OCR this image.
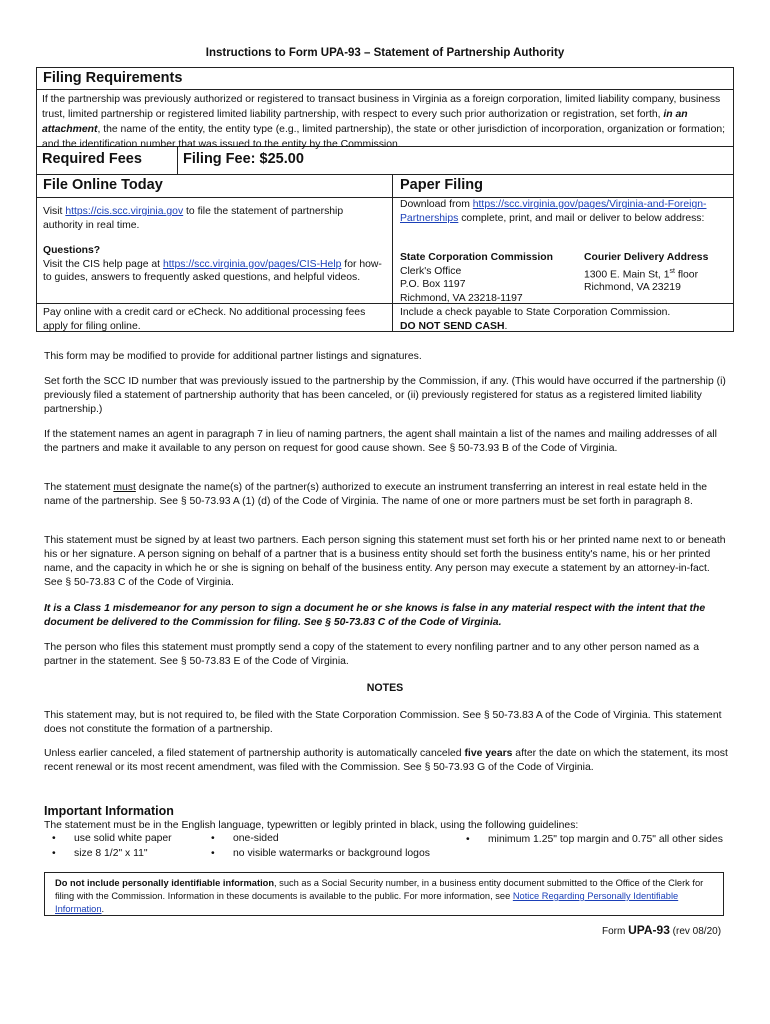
Instructions to Form UPA-93 – Statement of Partnership Authority
Filing Requirements
If the partnership was previously authorized or registered to transact business in Virginia as a foreign corporation, limited liability company, business trust, limited partnership or registered limited liability partnership, with respect to every such prior authorization or registration, set forth, in an attachment, the name of the entity, the entity type (e.g., limited partnership), the state or other jurisdiction of incorporation, organization or formation; and the identification number that was issued to the entity by the Commission.
Required Fees	Filing Fee: $25.00
File Online Today
Visit https://cis.scc.virginia.gov to file the statement of partnership authority in real time.
Questions?
Visit the CIS help page at https://scc.virginia.gov/pages/CIS-Help for how-to guides, answers to frequently asked questions, and helpful videos.
Pay online with a credit card or eCheck. No additional processing fees apply for filing online.
Paper Filing
Download from https://scc.virginia.gov/pages/Virginia-and-Foreign-Partnerships complete, print, and mail or deliver to below address:
State Corporation Commission
Clerk's Office
P.O. Box 1197
Richmond, VA 23218-1197
Courier Delivery Address
1300 E. Main St, 1st floor
Richmond, VA 23219
Include a check payable to State Corporation Commission.
DO NOT SEND CASH.
This form may be modified to provide for additional partner listings and signatures.
Set forth the SCC ID number that was previously issued to the partnership by the Commission, if any. (This would have occurred if the partnership (i) previously filed a statement of partnership authority that has been canceled, or (ii) previously registered for status as a registered limited liability partnership.)
If the statement names an agent in paragraph 7 in lieu of naming partners, the agent shall maintain a list of the names and mailing addresses of all the partners and make it available to any person on request for good cause shown. See § 50-73.93 B of the Code of Virginia.
The statement must designate the name(s) of the partner(s) authorized to execute an instrument transferring an interest in real estate held in the name of the partnership. See § 50-73.93 A (1) (d) of the Code of Virginia. The name of one or more partners must be set forth in paragraph 8.
This statement must be signed by at least two partners. Each person signing this statement must set forth his or her printed name next to or beneath his or her signature. A person signing on behalf of a partner that is a business entity should set forth the business entity's name, his or her printed name, and the capacity in which he or she is signing on behalf of the business entity. Any person may execute a statement by an attorney-in-fact. See § 50-73.83 C of the Code of Virginia.
It is a Class 1 misdemeanor for any person to sign a document he or she knows is false in any material respect with the intent that the document be delivered to the Commission for filing. See § 50-73.83 C of the Code of Virginia.
The person who files this statement must promptly send a copy of the statement to every nonfiling partner and to any other person named as a partner in the statement. See § 50-73.83 E of the Code of Virginia.
NOTES
This statement may, but is not required to, be filed with the State Corporation Commission. See § 50-73.83 A of the Code of Virginia. This statement does not constitute the formation of a partnership.
Unless earlier canceled, a filed statement of partnership authority is automatically canceled five years after the date on which the statement, its most recent renewal or its most recent amendment, was filed with the Commission. See § 50-73.93 G of the Code of Virginia.
Important Information
The statement must be in the English language, typewritten or legibly printed in black, using the following guidelines:
• use solid white paper
• size 8 1/2" x 11"
• one-sided
• no visible watermarks or background logos
• minimum 1.25" top margin and 0.75" all other sides
Do not include personally identifiable information, such as a Social Security number, in a business entity document submitted to the Office of the Clerk for filing with the Commission. Information in these documents is available to the public. For more information, see Notice Regarding Personally Identifiable Information.
Form UPA-93 (rev 08/20)
